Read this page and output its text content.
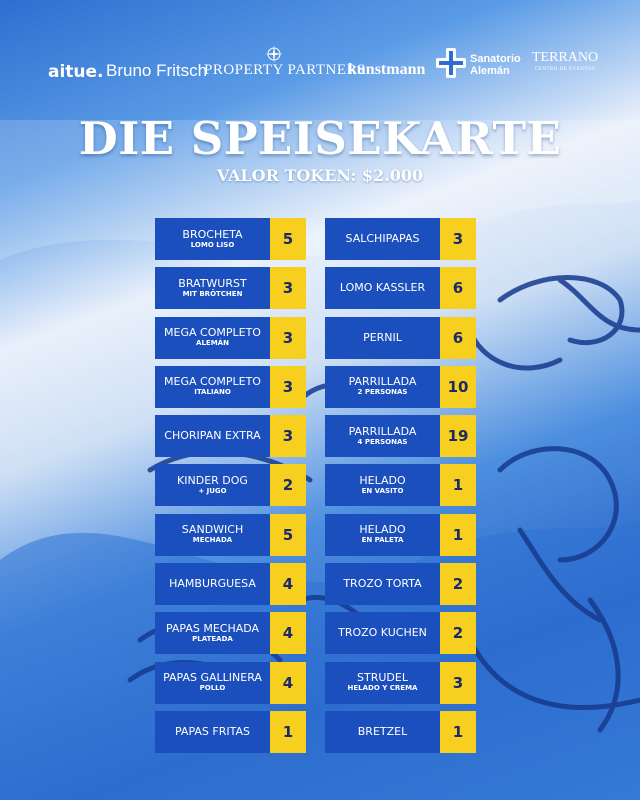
aitue. Bruno Fritsch
PROPERTY PARTNERS
kunstmann
Sanatorio Alemán
TERRANO
CENTRO DE EVENTOS
DIE SPEISEKARTE
VALOR TOKEN: $2.000
BROCHETA
LOMO LISO	5
BRATWURST
MIT BRÖTCHEN	3
MEGA COMPLETO
ALEMÁN	3
MEGA COMPLETO
ITALIANO	3
CHORIPAN EXTRA	3
KINDER DOG
+ JUGO	2
SANDWICH
MECHADA	5
HAMBURGUESA	4
PAPAS MECHADA
PLATEADA	4
PAPAS GALLINERA
POLLO	4
PAPAS FRITAS	1
SALCHIPAPAS	3
LOMO KASSLER	6
PERNIL	6
PARRILLADA
2 PERSONAS	10
PARRILLADA
4 PERSONAS	19
HELADO
EN VASITO	1
HELADO
EN PALETA	1
TROZO TORTA	2
TROZO KUCHEN	2
STRUDEL
HELADO Y CREMA	3
BRETZEL	1
